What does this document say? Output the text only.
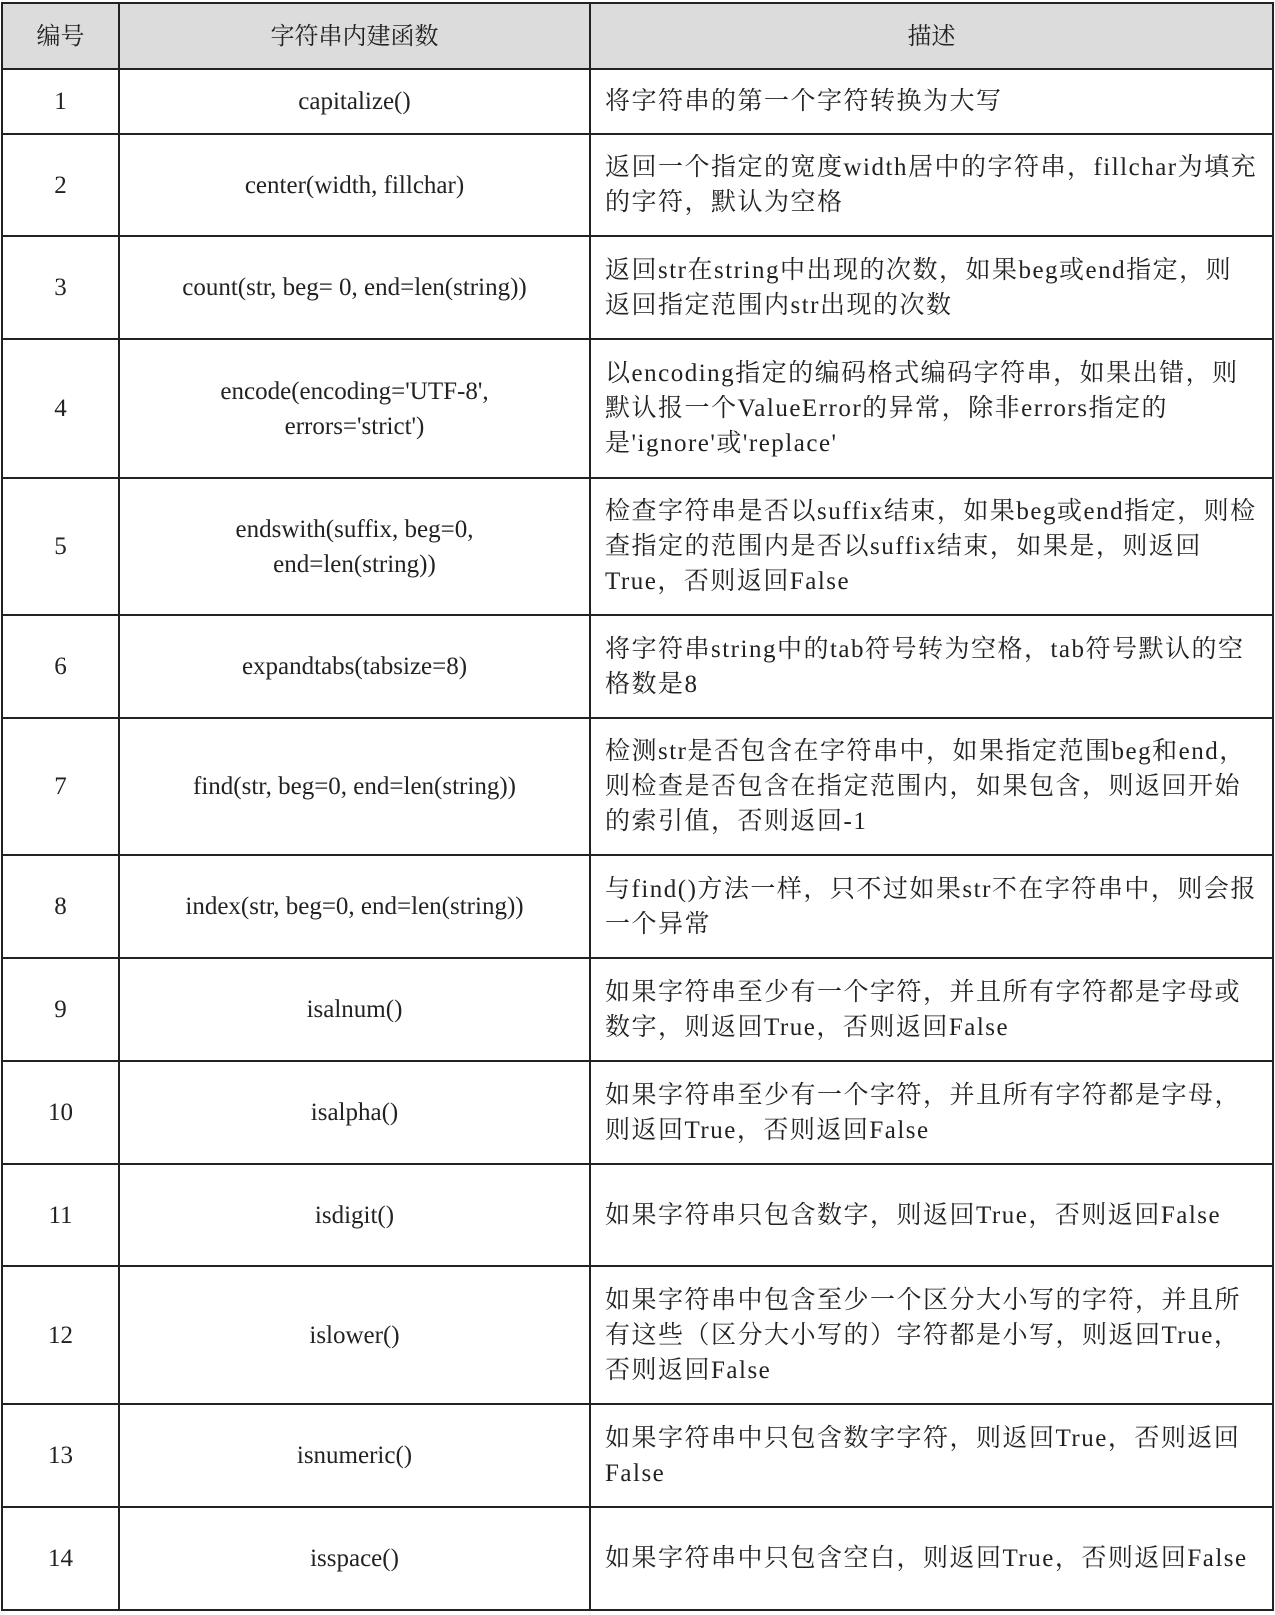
编号	字符串内建函数	描述
1	capitalize()	将字符串的第一个字符转换为大写
2	center(width, fillchar)	返回一个指定的宽度width居中的字符串，fillchar为填充的字符，默认为空格
3	count(str, beg= 0, end=len(string))	返回str在string中出现的次数，如果beg或end指定，则返回指定范围内str出现的次数
4	encode(encoding='UTF-8', errors='strict')	以encoding指定的编码格式编码字符串，如果出错，则默认报一个ValueError的异常，除非errors指定的是'ignore'或'replace'
5	endswith(suffix, beg=0, end=len(string))	检查字符串是否以suffix结束，如果beg或end指定，则检查指定的范围内是否以suffix结束，如果是，则返回True，否则返回False
6	expandtabs(tabsize=8)	将字符串string中的tab符号转为空格，tab符号默认的空格数是8
7	find(str, beg=0, end=len(string))	检测str是否包含在字符串中，如果指定范围beg和end，则检查是否包含在指定范围内，如果包含，则返回开始的索引值，否则返回-1
8	index(str, beg=0, end=len(string))	与find()方法一样，只不过如果str不在字符串中，则会报一个异常
9	isalnum()	如果字符串至少有一个字符，并且所有字符都是字母或数字，则返回True，否则返回False
10	isalpha()	如果字符串至少有一个字符，并且所有字符都是字母，则返回True，否则返回False
11	isdigit()	如果字符串只包含数字，则返回True，否则返回False
12	islower()	如果字符串中包含至少一个区分大小写的字符，并且所有这些（区分大小写的）字符都是小写，则返回True，否则返回False
13	isnumeric()	如果字符串中只包含数字字符，则返回True，否则返回False
14	isspace()	如果字符串中只包含空白，则返回True，否则返回False
